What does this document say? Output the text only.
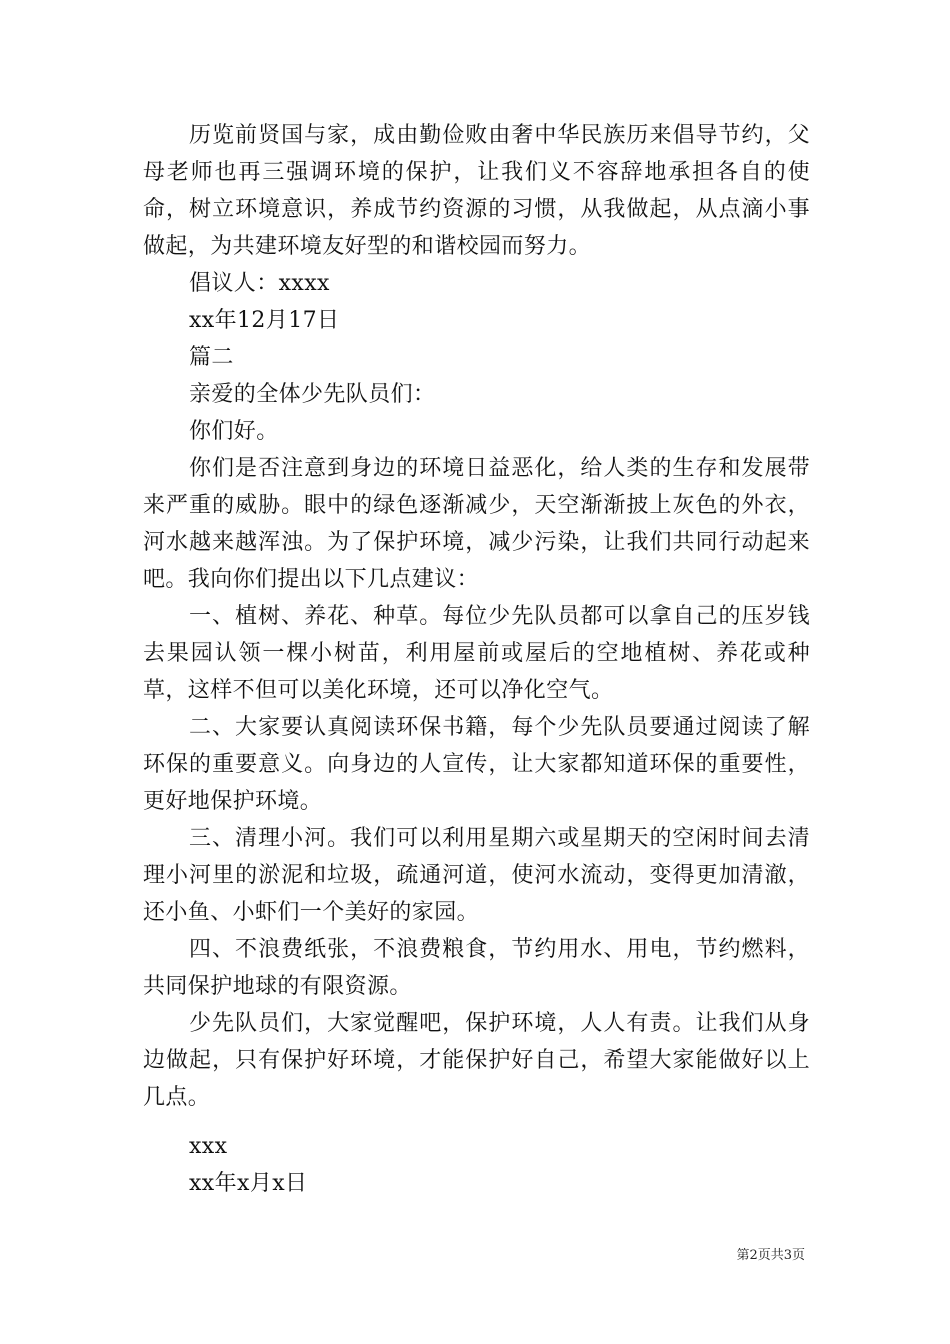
历览前贤国与家，成由勤俭败由奢中华民族历来倡导节约，父母老师也再三强调环境的保护，让我们义不容辞地承担各自的使命，树立环境意识，养成节约资源的习惯，从我做起，从点滴小事做起，为共建环境友好型的和谐校园而努力。

倡议人：xxxx

xx年12月17日

篇二

亲爱的全体少先队员们：

你们好。

你们是否注意到身边的环境日益恶化，给人类的生存和发展带来严重的威胁。眼中的绿色逐渐减少，天空渐渐披上灰色的外衣，河水越来越浑浊。为了保护环境，减少污染，让我们共同行动起来吧。我向你们提出以下几点建议：

一、植树、养花、种草。每位少先队员都可以拿自己的压岁钱去果园认领一棵小树苗，利用屋前或屋后的空地植树、养花或种草，这样不但可以美化环境，还可以净化空气。

二、大家要认真阅读环保书籍，每个少先队员要通过阅读了解环保的重要意义。向身边的人宣传，让大家都知道环保的重要性，更好地保护环境。

三、清理小河。我们可以利用星期六或星期天的空闲时间去清理小河里的淤泥和垃圾，疏通河道，使河水流动，变得更加清澈，还小鱼、小虾们一个美好的家园。

四、不浪费纸张，不浪费粮食，节约用水、用电，节约燃料，共同保护地球的有限资源。

少先队员们，大家觉醒吧，保护环境，人人有责。让我们从身边做起，只有保护好环境，才能保护好自己，希望大家能做好以上几点。

xxx

xx年x月x日

第2页共3页
